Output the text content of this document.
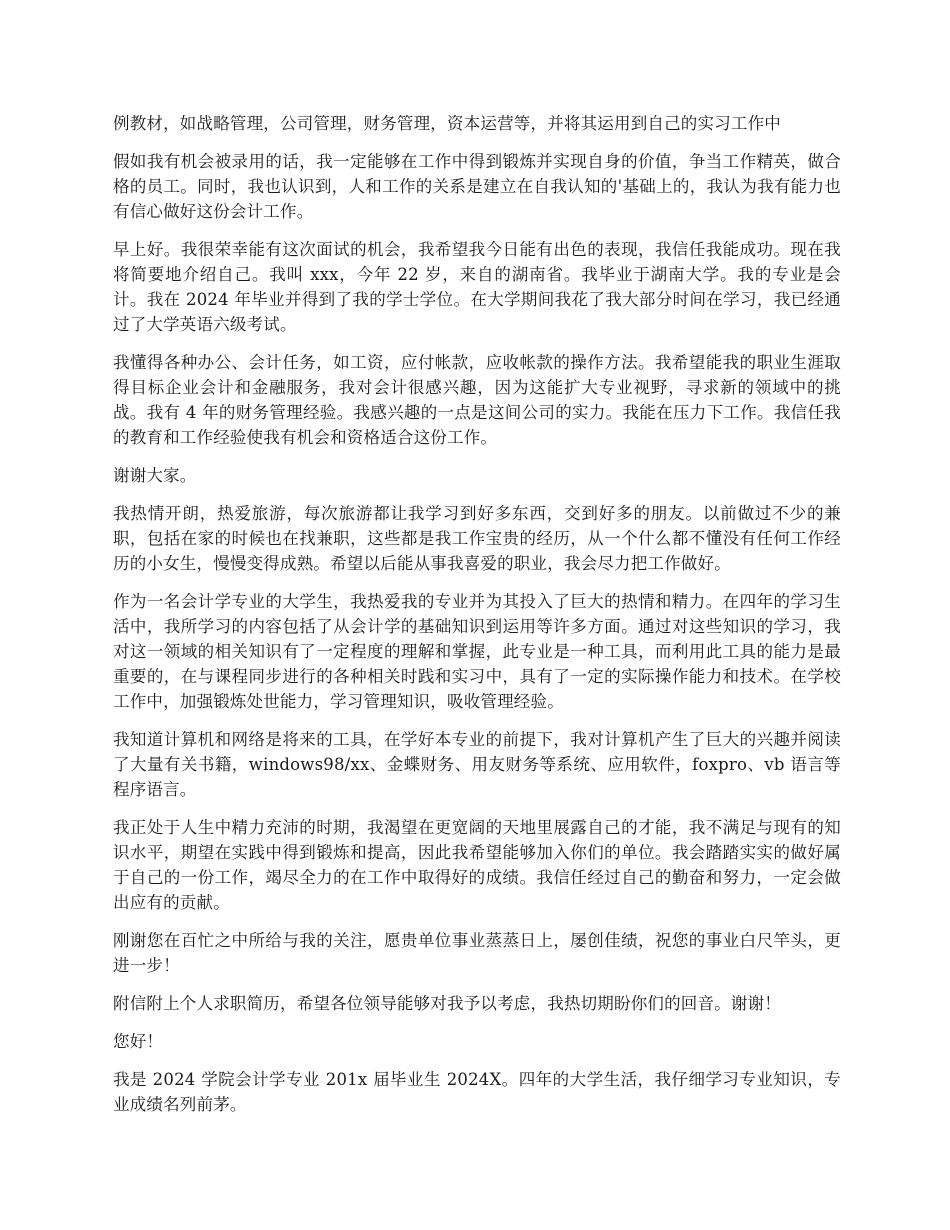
例教材，如战略管理，公司管理，财务管理，资本运营等，并将其运用到自己的实习工作中

假如我有机会被录用的话，我一定能够在工作中得到锻炼并实现自身的价值，争当工作精英，做合格的员工。同时，我也认识到，人和工作的关系是建立在自我认知的'基础上的，我认为我有能力也有信心做好这份会计工作。

早上好。我很荣幸能有这次面试的机会，我希望我今日能有出色的表现，我信任我能成功。现在我将简要地介绍自己。我叫 xxx，今年 22 岁，来自的湖南省。我毕业于湖南大学。我的专业是会计。我在 2024 年毕业并得到了我的学士学位。在大学期间我花了我大部分时间在学习，我已经通过了大学英语六级考试。

我懂得各种办公、会计任务，如工资，应付帐款，应收帐款的操作方法。我希望能我的职业生涯取得目标企业会计和金融服务，我对会计很感兴趣，因为这能扩大专业视野，寻求新的领域中的挑战。我有 4 年的财务管理经验。我感兴趣的一点是这间公司的实力。我能在压力下工作。我信任我的教育和工作经验使我有机会和资格适合这份工作。

谢谢大家。

我热情开朗，热爱旅游，每次旅游都让我学习到好多东西，交到好多的朋友。以前做过不少的兼职，包括在家的时候也在找兼职，这些都是我工作宝贵的经历，从一个什么都不懂没有任何工作经历的小女生，慢慢变得成熟。希望以后能从事我喜爱的职业，我会尽力把工作做好。

作为一名会计学专业的大学生，我热爱我的专业并为其投入了巨大的热情和精力。在四年的学习生活中，我所学习的内容包括了从会计学的基础知识到运用等许多方面。通过对这些知识的学习，我对这一领域的相关知识有了一定程度的理解和掌握，此专业是一种工具，而利用此工具的能力是最重要的，在与课程同步进行的各种相关时践和实习中，具有了一定的实际操作能力和技术。在学校工作中，加强锻炼处世能力，学习管理知识，吸收管理经验。

我知道计算机和网络是将来的工具，在学好本专业的前提下，我对计算机产生了巨大的兴趣并阅读了大量有关书籍，windows98/xx、金蝶财务、用友财务等系统、应用软件，foxpro、vb 语言等程序语言。

我正处于人生中精力充沛的时期，我渴望在更宽阔的天地里展露自己的才能，我不满足与现有的知识水平，期望在实践中得到锻炼和提高，因此我希望能够加入你们的单位。我会踏踏实实的做好属于自己的一份工作，竭尽全力的在工作中取得好的成绩。我信任经过自己的勤奋和努力，一定会做出应有的贡献。

刚谢您在百忙之中所给与我的关注，愿贵单位事业蒸蒸日上，屡创佳绩，祝您的事业白尺竿头，更进一步！

附信附上个人求职简历，希望各位领导能够对我予以考虑，我热切期盼你们的回音。谢谢！

您好！

我是 2024 学院会计学专业 201x 届毕业生 2024X。四年的大学生活，我仔细学习专业知识，专业成绩名列前茅。
